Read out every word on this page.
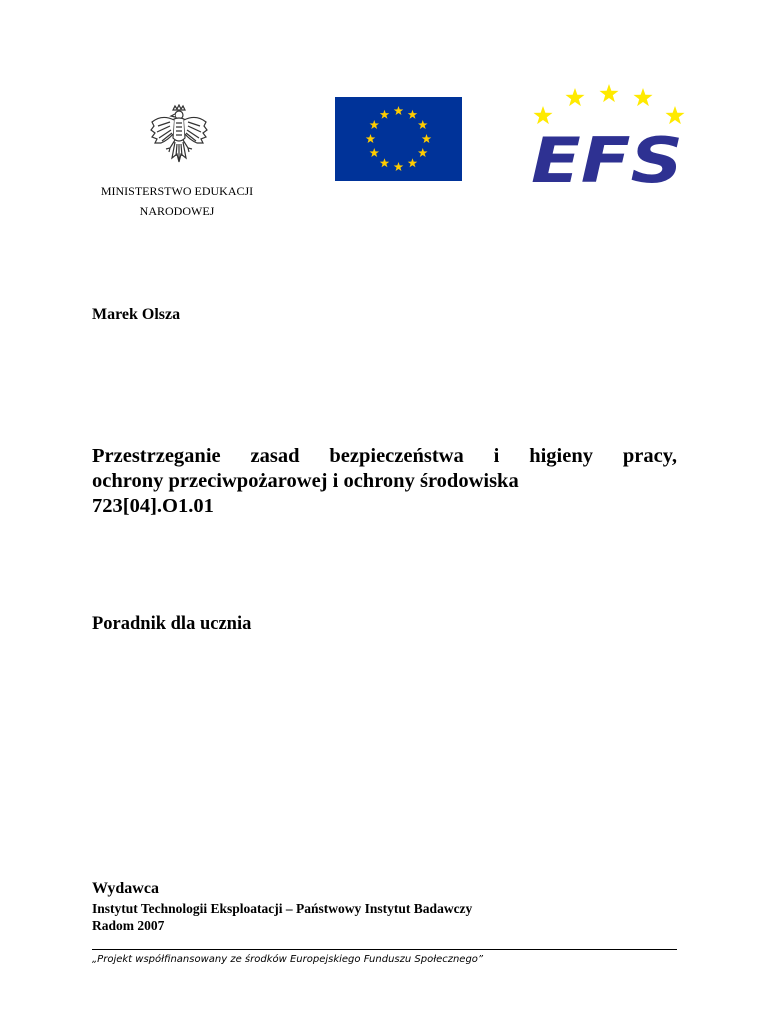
EFS
MINISTERSTWO EDUKACJI
NARODOWEJ
Marek Olsza
Przestrzeganie zasad bezpieczeństwa i higieny pracy,
ochrony przeciwpożarowej i ochrony środowiska
723[04].O1.01
Poradnik dla ucznia
Wydawca
Instytut Technologii Eksploatacji – Państwowy Instytut Badawczy
Radom 2007
„Projekt współfinansowany ze środków Europejskiego Funduszu Społecznego”
